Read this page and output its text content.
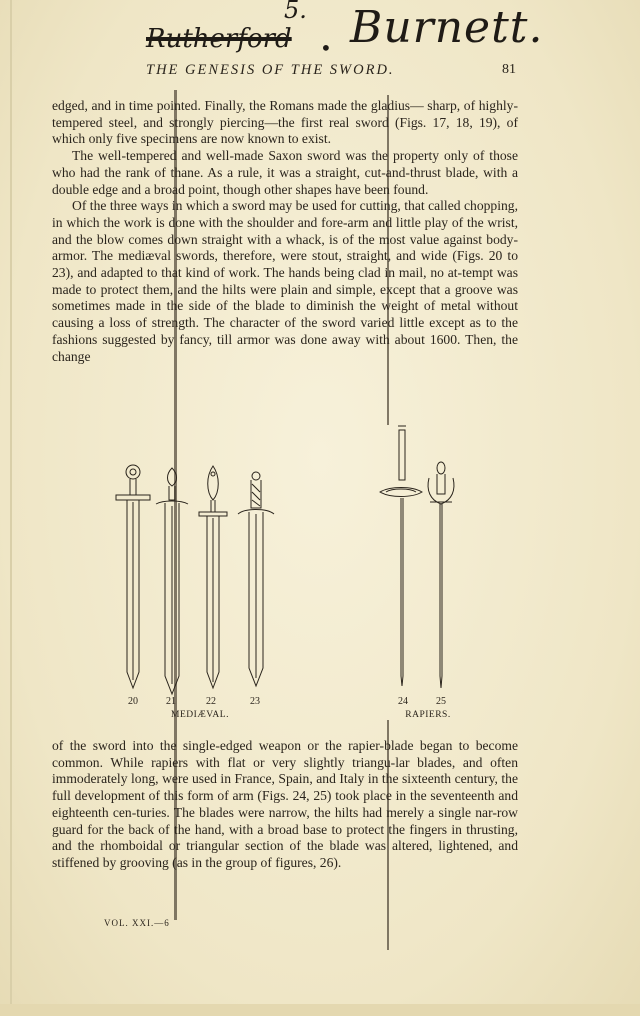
5. Burnett.
Rutherford •
THE GENESIS OF THE SWORD.	81

edged, and in time pointed. Finally, the Romans made the gladius— sharp, of highly-tempered steel, and strongly piercing—the first real sword (Figs. 17, 18, 19), of which only five specimens are now known to exist.

The well-tempered and well-made Saxon sword was the property only of those who had the rank of thane. As a rule, it was a straight, cut-and-thrust blade, with a double edge and a broad point, though other shapes have been found.

Of the three ways in which a sword may be used for cutting, that called chopping, in which the work is done with the shoulder and fore-arm and little play of the wrist, and the blow comes down straight with a whack, is of the most value against body-armor. The mediæval swords, therefore, were stout, straight, and wide (Figs. 20 to 23), and adapted to that kind of work. The hands being clad in mail, no at-tempt was made to protect them, and the hilts were plain and simple, except that a groove was sometimes made in the side of the blade to diminish the weight of metal without causing a loss of strength. The character of the sword varied little except as to the fashions suggested by fancy, till armor was done away with about 1600. Then, the change

20	21	22	23	24	25
MEDIÆVAL.	RAPIERS.

of the sword into the single-edged weapon or the rapier-blade began to become common. While rapiers with flat or very slightly triangu-lar blades, and often immoderately long, were used in France, Spain, and Italy in the sixteenth century, the full development of this form of arm (Figs. 24, 25) took place in the seventeenth and eighteenth cen-turies. The blades were narrow, the hilts had merely a single nar-row guard for the back of the hand, with a broad base to protect the fingers in thrusting, and the rhomboidal or triangular section of the blade was altered, lightened, and stiffened by grooving (as in the group of figures, 26).

VOL. XXI.—6
